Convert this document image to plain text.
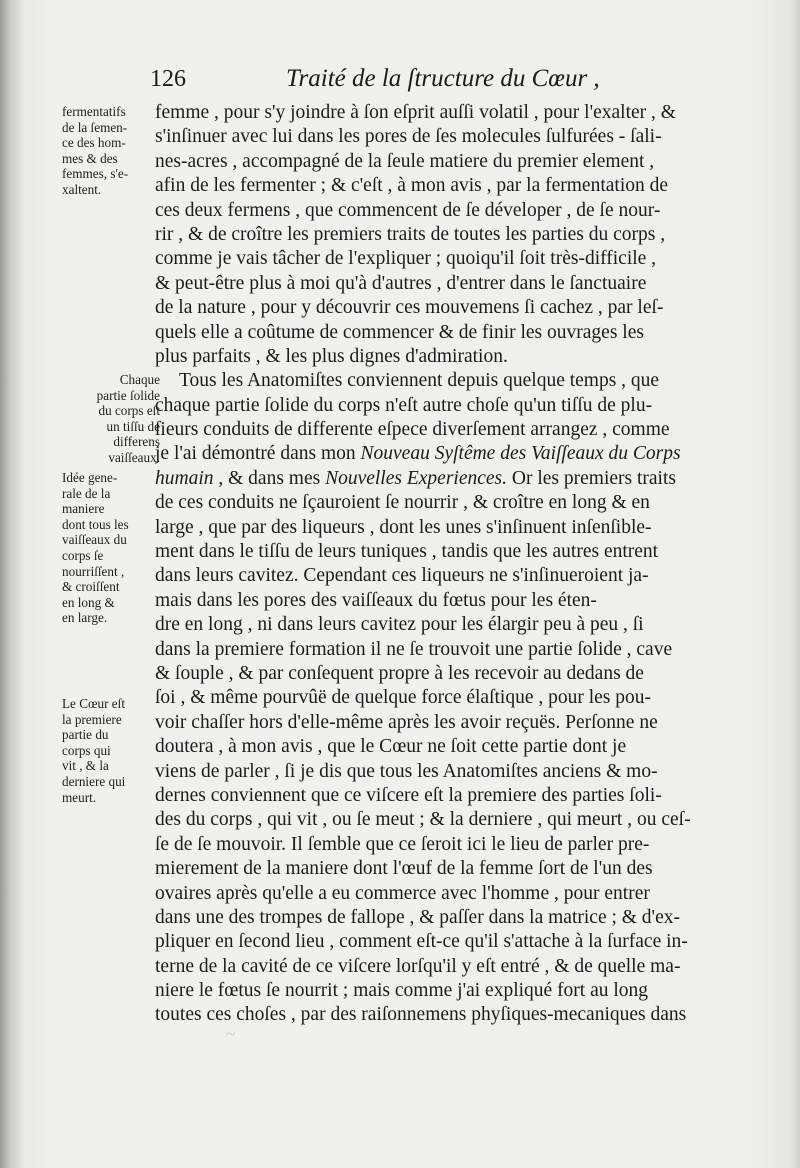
126	Traité de la ſtructure du Cœur ,
fermentatifs
de la ſemen-
ce des hom-
mes & des
femmes, s'e-
xaltent.
Chaque
partie ſolide
du corps eſt
un tiſſu de
differens
vaiſſeaux.
Idée gene-
rale de la
maniere
dont tous les
vaiſſeaux du
corps ſe
nourriſſent ,
& croiſſent
en long &
en large.
Le Cœur eſt
la premiere
partie du
corps qui
vit , & la
derniere qui
meurt.
femme , pour s'y joindre à ſon eſprit auſſi volatil , pour l'exalter , &
s'inſinuer avec lui dans les pores de ſes molecules ſulfurées - ſali-
nes-acres , accompagné de la ſeule matiere du premier element ,
afin de les fermenter ; & c'eſt , à mon avis , par la fermentation de
ces deux fermens , que commencent de ſe déveloper , de ſe nour-
rir , & de croître les premiers traits de toutes les parties du corps ,
comme je vais tâcher de l'expliquer ; quoiqu'il ſoit très-difficile ,
& peut-être plus à moi qu'à d'autres , d'entrer dans le ſanctuaire
de la nature , pour y découvrir ces mouvemens ſi cachez , par leſ-
quels elle a coûtume de commencer & de finir les ouvrages les
plus parfaits , & les plus dignes d'admiration.
Tous les Anatomiſtes conviennent depuis quelque temps , que
chaque partie ſolide du corps n'eſt autre choſe qu'un tiſſu de plu-
ſieurs conduits de differente eſpece diverſement arrangez , comme
je l'ai démontré dans mon Nouveau Syſtême des Vaiſſeaux du Corps
humain , & dans mes Nouvelles Experiences. Or les premiers traits
de ces conduits ne ſçauroient ſe nourrir , & croître en long & en
large , que par des liqueurs , dont les unes s'inſinuent inſenſible-
ment dans le tiſſu de leurs tuniques , tandis que les autres entrent
dans leurs cavitez. Cependant ces liqueurs ne s'inſinueroient ja-
mais dans les pores des vaiſſeaux du fœtus pour les éten-
dre en long , ni dans leurs cavitez pour les élargir peu à peu , ſi
dans la premiere formation il ne ſe trouvoit une partie ſolide , cave
& ſouple , & par conſequent propre à les recevoir au dedans de
ſoi , & même pourvûë de quelque force élaſtique , pour les pou-
voir chaſſer hors d'elle-même après les avoir reçuës. Perſonne ne
doutera , à mon avis , que le Cœur ne ſoit cette partie dont je
viens de parler , ſi je dis que tous les Anatomiſtes anciens & mo-
dernes conviennent que ce viſcere eſt la premiere des parties ſoli-
des du corps , qui vit , ou ſe meut ; & la derniere , qui meurt , ou ceſ-
ſe de ſe mouvoir. Il ſemble que ce ſeroit ici le lieu de parler pre-
mierement de la maniere dont l'œuf de la femme ſort de l'un des
ovaires après qu'elle a eu commerce avec l'homme , pour entrer
dans une des trompes de fallope , & paſſer dans la matrice ; & d'ex-
pliquer en ſecond lieu , comment eſt-ce qu'il s'attache à la ſurface in-
terne de la cavité de ce viſcere lorſqu'il y eſt entré , & de quelle ma-
niere le fœtus ſe nourrit ; mais comme j'ai expliqué fort au long
toutes ces choſes , par des raiſonnemens phyſiques-mecaniques dans
~
